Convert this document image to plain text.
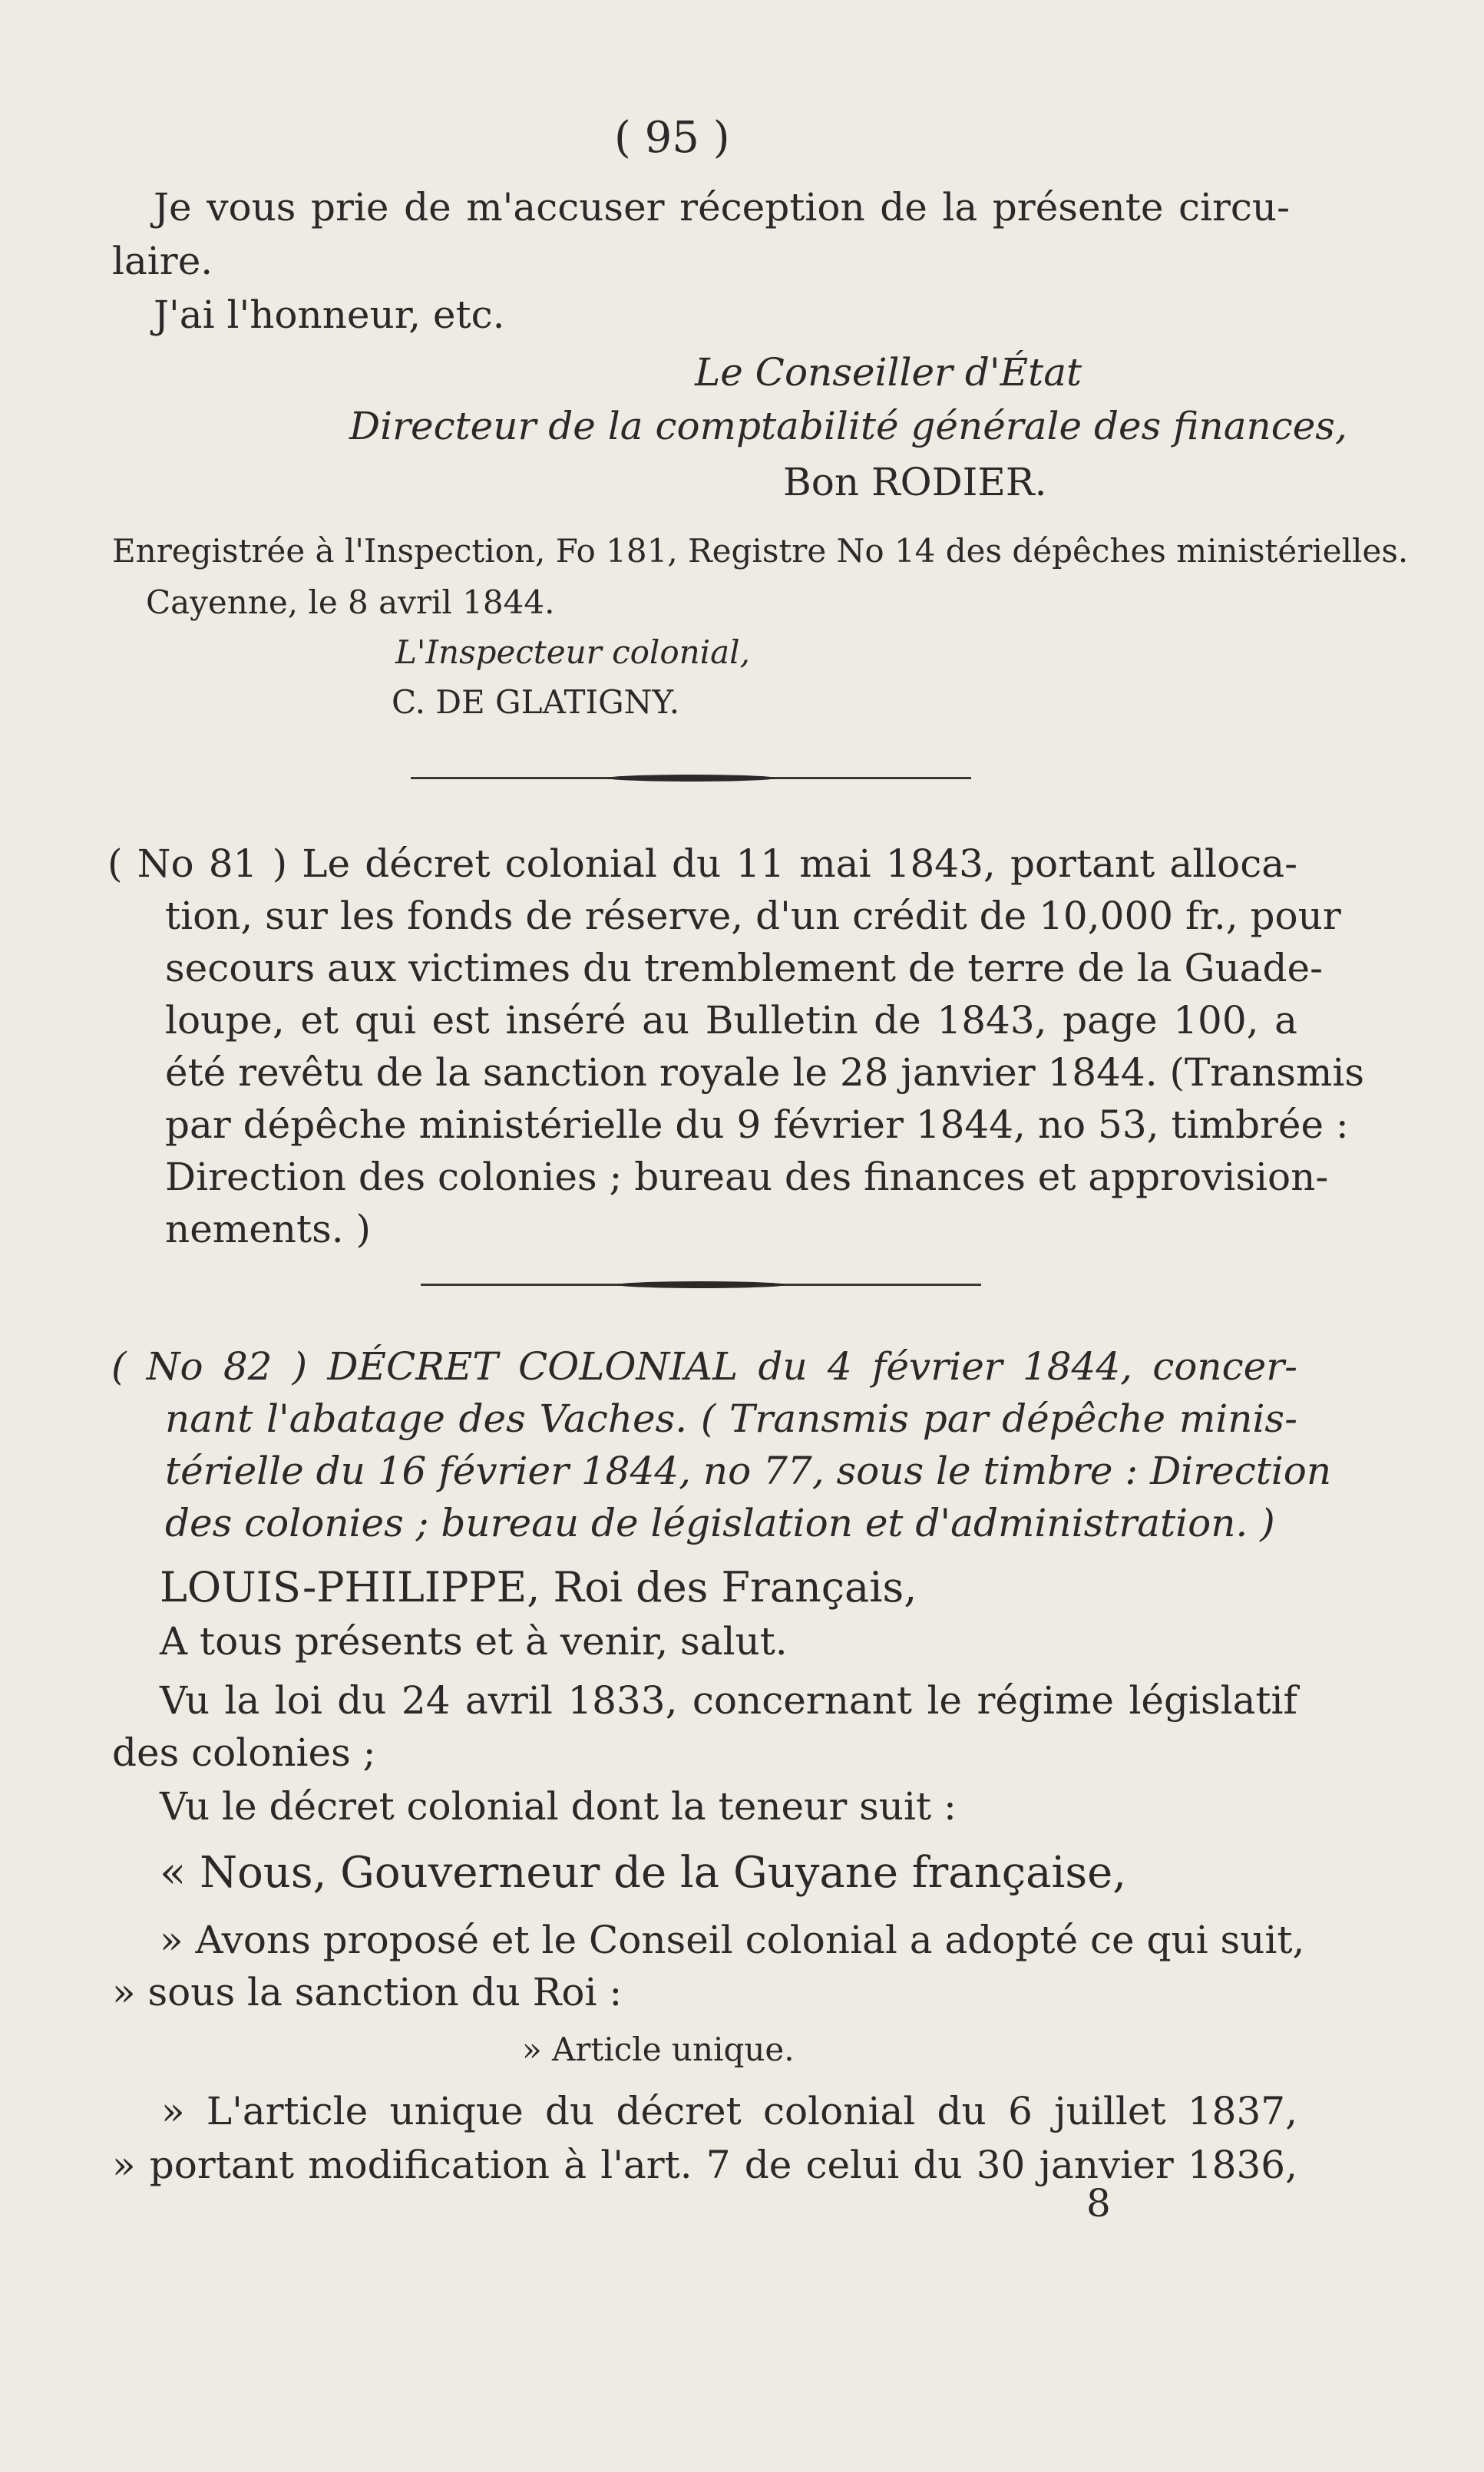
( 95 )
Je vous prie de m'accuser réception de la présente circu-
laire.
J'ai l'honneur, etc.
Le Conseiller d'État
Directeur de la comptabilité générale des finances,
Bon RODIER.
Enregistrée à l'Inspection, Fo 181, Registre No 14 des dépêches ministérielles.
Cayenne, le 8 avril 1844.
L'Inspecteur colonial,
C. DE GLATIGNY.
( No 81 ) Le décret colonial du 11 mai 1843, portant alloca-
tion, sur les fonds de réserve, d'un crédit de 10,000 fr., pour
secours aux victimes du tremblement de terre de la Guade-
loupe, et qui est inséré au Bulletin de 1843, page 100, a
été revêtu de la sanction royale le 28 janvier 1844. (Transmis
par dépêche ministérielle du 9 février 1844, no 53, timbrée :
Direction des colonies ; bureau des finances et approvision-
nements. )
( No 82 ) DÉCRET COLONIAL du 4 février 1844, concer-
nant l'abatage des Vaches. ( Transmis par dépêche minis-
térielle du 16 février 1844, no 77, sous le timbre : Direction
des colonies ; bureau de législation et d'administration. )
LOUIS-PHILIPPE, Roi des Français,
A tous présents et à venir, salut.
Vu la loi du 24 avril 1833, concernant le régime législatif
des colonies ;
Vu le décret colonial dont la teneur suit :
« Nous, Gouverneur de la Guyane française,
» Avons proposé et le Conseil colonial a adopté ce qui suit,
» sous la sanction du Roi :
» Article unique.
» L'article unique du décret colonial du 6 juillet 1837,
» portant modification à l'art. 7 de celui du 30 janvier 1836,
8
